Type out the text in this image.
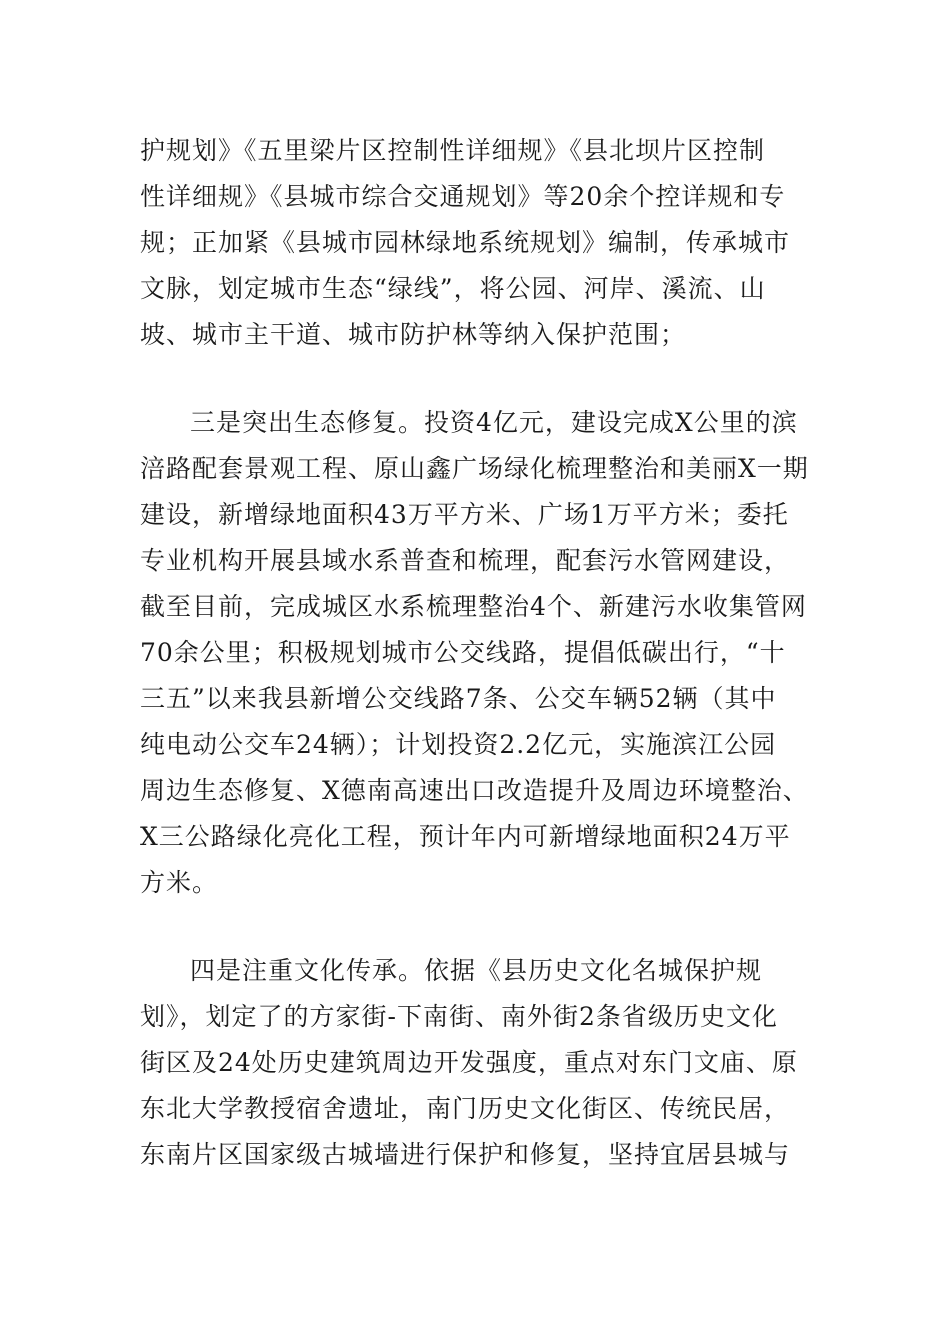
护规划》《五里梁片区控制性详细规》《县北坝片区控制
性详细规》《县城市综合交通规划》等20余个控详规和专
规；正加紧《县城市园林绿地系统规划》编制，传承城市
文脉，划定城市生态“绿线”，将公园、河岸、溪流、山
坡、城市主干道、城市防护林等纳入保护范围；
三是突出生态修复。投资4亿元，建设完成X公里的滨
涪路配套景观工程、原山鑫广场绿化梳理整治和美丽X一期
建设，新增绿地面积43万平方米、广场1万平方米；委托
专业机构开展县域水系普查和梳理，配套污水管网建设，
截至目前，完成城区水系梳理整治4个、新建污水收集管网
70余公里；积极规划城市公交线路，提倡低碳出行，“十
三五”以来我县新增公交线路7条、公交车辆52辆（其中
纯电动公交车24辆）；计划投资2.2亿元，实施滨江公园
周边生态修复、X德南高速出口改造提升及周边环境整治、
X三公路绿化亮化工程，预计年内可新增绿地面积24万平
方米。
四是注重文化传承。依据《县历史文化名城保护规
划》，划定了的方家街-下南街、南外街2条省级历史文化
街区及24处历史建筑周边开发强度，重点对东门文庙、原
东北大学教授宿舍遗址，南门历史文化街区、传统民居，
东南片区国家级古城墙进行保护和修复，坚持宜居县城与
